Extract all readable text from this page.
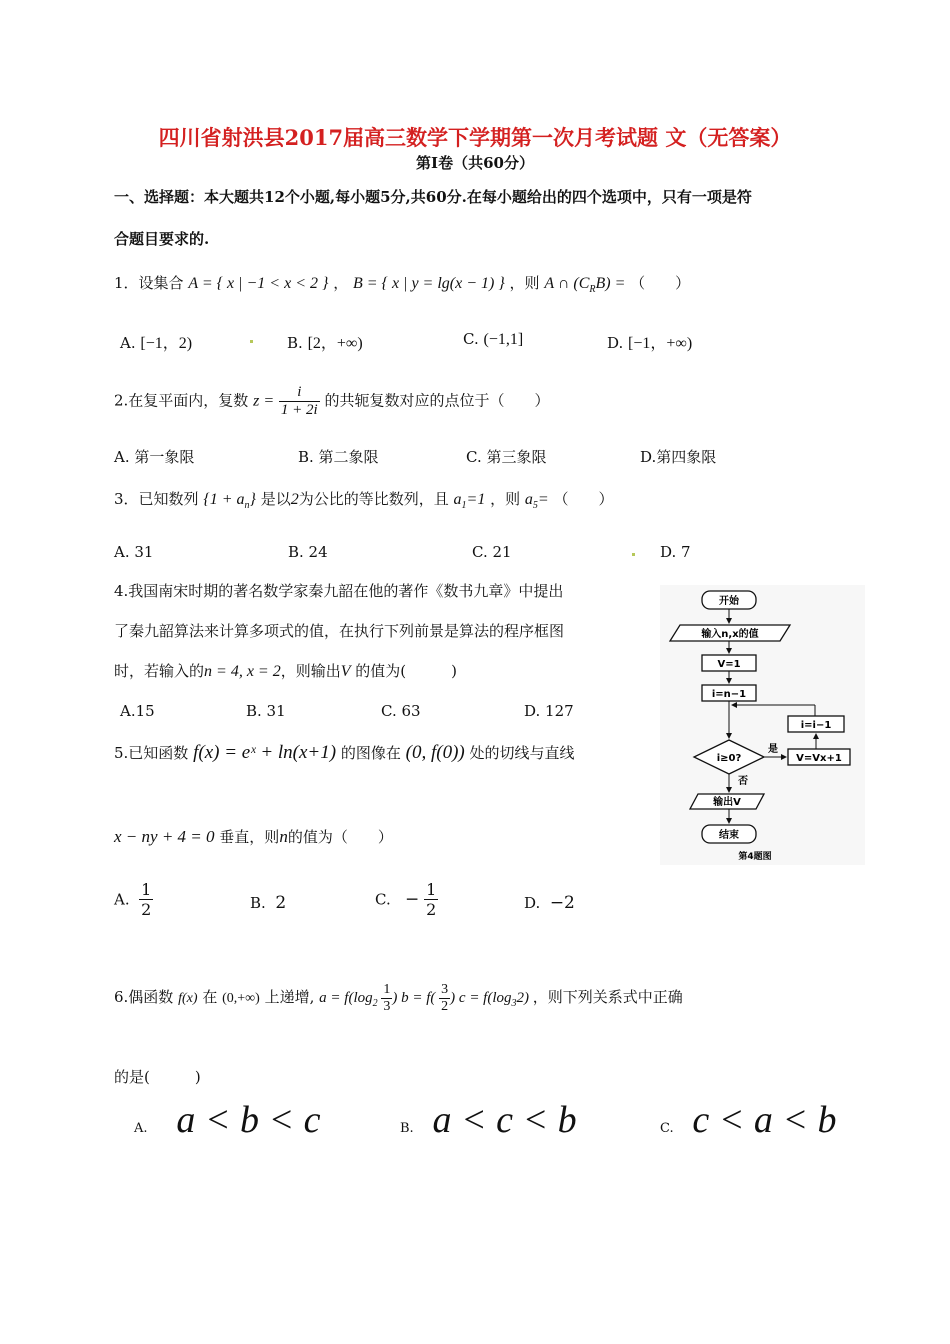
四川省射洪县2017届高三数学下学期第一次月考试题 文（无答案）
第Ⅰ卷（共60分）
一、选择题：本大题共12个小题,每小题5分,共60分.在每小题给出的四个选项中，只有一项是符
合题目要求的.
1．设集合 A = { x | −1 < x < 2 } ， B = { x | y = lg(x − 1) } ，则 A ∩ $(C_RB)$ = （　　）
A. [−1，2)	B. [2，+∞)	C. (−1,1]	D. [−1，+∞)
2.在复平面内，复数 $z = \frac{i}{1 + 2i}$ 的共轭复数对应的点位于（　　）
A. 第一象限	B. 第二象限	C. 第三象限	D.第四象限
3．已知数列 $\{1 + a_n\}$ 是以2为公比的等比数列，且 $a_1=1$ ，则 $a_5=$ （　　）
A. 31	B. 24	C. 21	D. 7
4.我国南宋时期的著名数学家秦九韶在他的著作《数书九章》中提出
了秦九韶算法来计算多项式的值，在执行下列前景是算法的程序框图
时，若输入的n = 4, x = 2，则输出V 的值为(　　　)
A.15	B. 31	C. 63	D. 127
开始
输入n,x的值
V=1
i=n−1
i=i−1
i≥0?
是
V=Vx+1
否
输出V
结束
第4题图
5.已知函数 f(x) = eˣ + ln(x+1) 的图像在 (0, f(0)) 处的切线与直线
x − ny + 4 = 0 垂直，则n的值为（　　）
A. $\frac{1}{2}$	B. 2	C. − $\frac{1}{2}$	D. −2
6.偶函数 f(x) 在 (0,+∞) 上递增, $a = f(\log_2 \frac{1}{3}$ ) $b = f( \frac{3}{2}$ ) $c = f(\log_32)$ ，则下列关系式中正确
的是(　　　)
A. a < b < c	B. a < c < b	C. c < a < b
